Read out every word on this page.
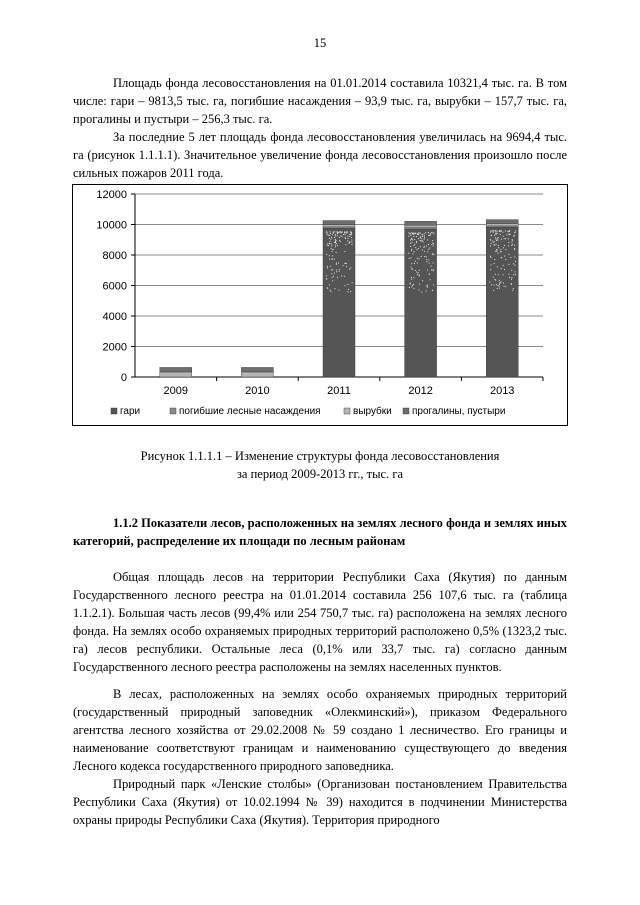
15

Площадь фонда лесовосстановления на 01.01.2014 составила 10321,4 тыс. га. В том числе: гари – 9813,5 тыс. га, погибшие насаждения – 93,9 тыс. га, вырубки – 157,7 тыс. га, прогалины и пустыри – 256,3 тыс. га.

За последние 5 лет площадь фонда лесовосстановления увеличилась на 9694,4 тыс. га (рисунок 1.1.1.1). Значительное увеличение фонда лесовосстановления произошло после сильных пожаров 2011 года.

0
2000
4000
6000
8000
10000
12000
2009	2010	2011	2012	2013
гари	погибшие лесные насаждения	вырубки прогалины, пустыри
Рисунок 1.1.1.1 – Изменение структуры фонда лесовосстановления
за период 2009-2013 гг., тыс. га

1.1.2 Показатели лесов, расположенных на землях лесного фонда и землях иных категорий, распределение их площади по лесным районам

Общая площадь лесов на территории Республики Саха (Якутия) по данным Государственного лесного реестра на 01.01.2014 составила 256 107,6 тыс. га (таблица 1.1.2.1). Большая часть лесов (99,4% или 254 750,7 тыс. га) расположена на землях лесного фонда. На землях особо охраняемых природных территорий расположено 0,5% (1323,2 тыс. га) лесов республики. Остальные леса (0,1% или 33,7 тыс. га) согласно данным Государственного лесного реестра расположены на землях населенных пунктов.

В лесах, расположенных на землях особо охраняемых природных территорий (государственный природный заповедник «Олекминский»), приказом Федерального агентства лесного хозяйства от 29.02.2008 № 59 создано 1 лесничество. Его границы и наименование соответствуют границам и наименованию существующего до введения Лесного кодекса государственного природного заповедника.

Природный парк «Ленские столбы» (Организован постановлением Правительства Республики Саха (Якутия) от 10.02.1994 № 39) находится в подчинении Министерства охраны природы Республики Саха (Якутия). Территория природного
